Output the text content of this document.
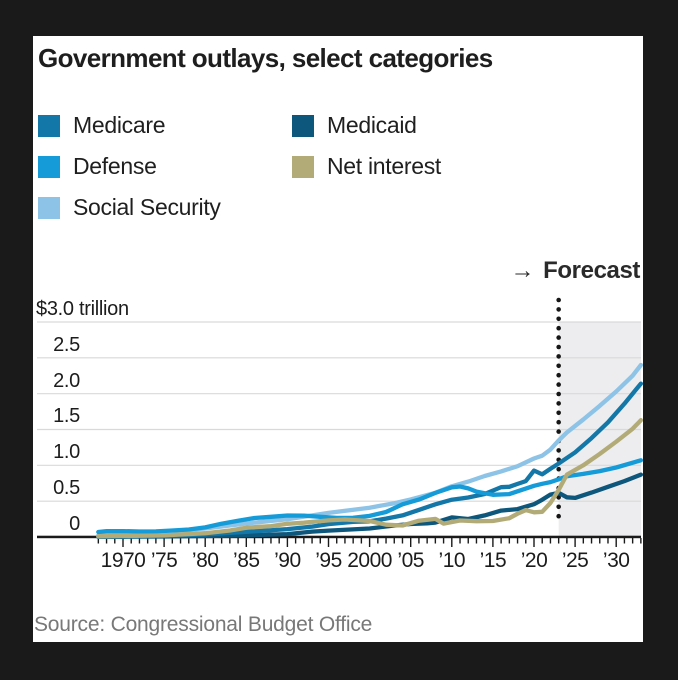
Government outlays, select categories
Medicare	Medicaid
Defense	Net interest
Social Security
→ Forecast
0
0.5
1.0
1.5
2.0
2.5
$3.0 trillion
1970 ’75 ’80 ’85 ’90 ’95 2000 ’05 ’10 ’15 ’20 ’25 ’30
Source: Congressional Budget Office
